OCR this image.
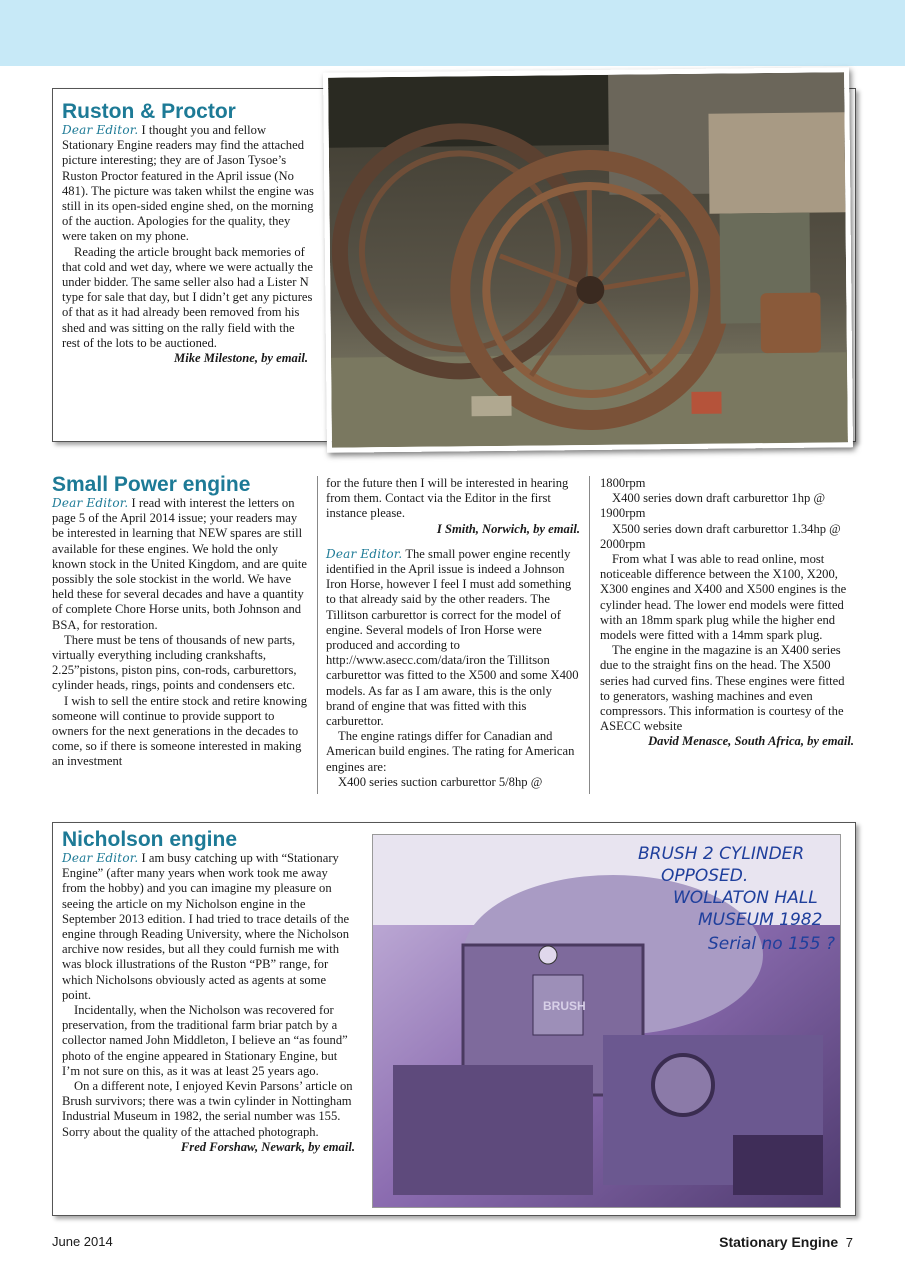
Ruston & Proctor

Dear Editor. I thought you and fellow Stationary Engine readers may find the attached picture interesting; they are of Jason Tysoe’s Ruston Proctor featured in the April issue (No 481). The picture was taken whilst the engine was still in its open-sided engine shed, on the morning of the auction. Apologies for the quality, they were taken on my phone.

Reading the article brought back memories of that cold and wet day, where we were actually the under bidder. The same seller also had a Lister N type for sale that day, but I didn’t get any pictures of that as it had already been removed from his shed and was sitting on the rally field with the rest of the lots to be auctioned.

Mike Milestone, by email.

Small Power engine

Dear Editor. I read with interest the letters on page 5 of the April 2014 issue; your readers may be interested in learning that NEW spares are still available for these engines. We hold the only known stock in the United Kingdom, and are quite possibly the sole stockist in the world. We have held these for several decades and have a quantity of complete Chore Horse units, both Johnson and BSA, for restoration.

There must be tens of thousands of new parts, virtually everything including crankshafts, 2.25”pistons, piston pins, con-rods, carburettors, cylinder heads, rings, points and condensers etc.

I wish to sell the entire stock and retire knowing someone will continue to provide support to owners for the next generations in the decades to come, so if there is someone interested in making an investment

for the future then I will be interested in hearing from them. Contact via the Editor in the first instance please.

I Smith, Norwich, by email.

Dear Editor. The small power engine recently identified in the April issue is indeed a Johnson Iron Horse, however I feel I must add something to that already said by the other readers. The Tillitson carburettor is correct for the model of engine. Several models of Iron Horse were produced and according to http://www.asecc.com/data/iron the Tillitson carburettor was fitted to the X500 and some X400 models. As far as I am aware, this is the only brand of engine that was fitted with this carburettor.

The engine ratings differ for Canadian and American build engines. The rating for American engines are:

X400 series suction carburettor 5/8hp @

1800rpm

X400 series down draft carburettor 1hp @ 1900rpm

X500 series down draft carburettor 1.34hp @ 2000rpm

From what I was able to read online, most noticeable difference between the X100, X200, X300 engines and X400 and X500 engines is the cylinder head. The lower end models were fitted with an 18mm spark plug while the higher end models were fitted with a 14mm spark plug.

The engine in the magazine is an X400 series due to the straight fins on the head. The X500 series had curved fins. These engines were fitted to generators, washing machines and even compressors. This information is courtesy of the ASECC website

David Menasce, South Africa, by email.

Nicholson engine

Dear Editor. I am busy catching up with “Stationary Engine” (after many years when work took me away from the hobby) and you can imagine my pleasure on seeing the article on my Nicholson engine in the September 2013 edition. I had tried to trace details of the engine through Reading University, where the Nicholson archive now resides, but all they could furnish me with was block illustrations of the Ruston “PB” range, for which Nicholsons obviously acted as agents at some point.

Incidentally, when the Nicholson was recovered for preservation, from the traditional farm briar patch by a collector named John Middleton, I believe an “as found” photo of the engine appeared in Stationary Engine, but I’m not sure on this, as it was at least 25 years ago.

On a different note, I enjoyed Kevin Parsons’ article on Brush survivors; there was a twin cylinder in Nottingham Industrial Museum in 1982, the serial number was 155. Sorry about the quality of the attached photograph.

Fred Forshaw, Newark, by email.

BRUSH
BRUSH 2 CYLINDER
OPPOSED.
WOLLATON HALL
MUSEUM 1982
Serial no 155 ?
June 2014	Stationary Engine 7
